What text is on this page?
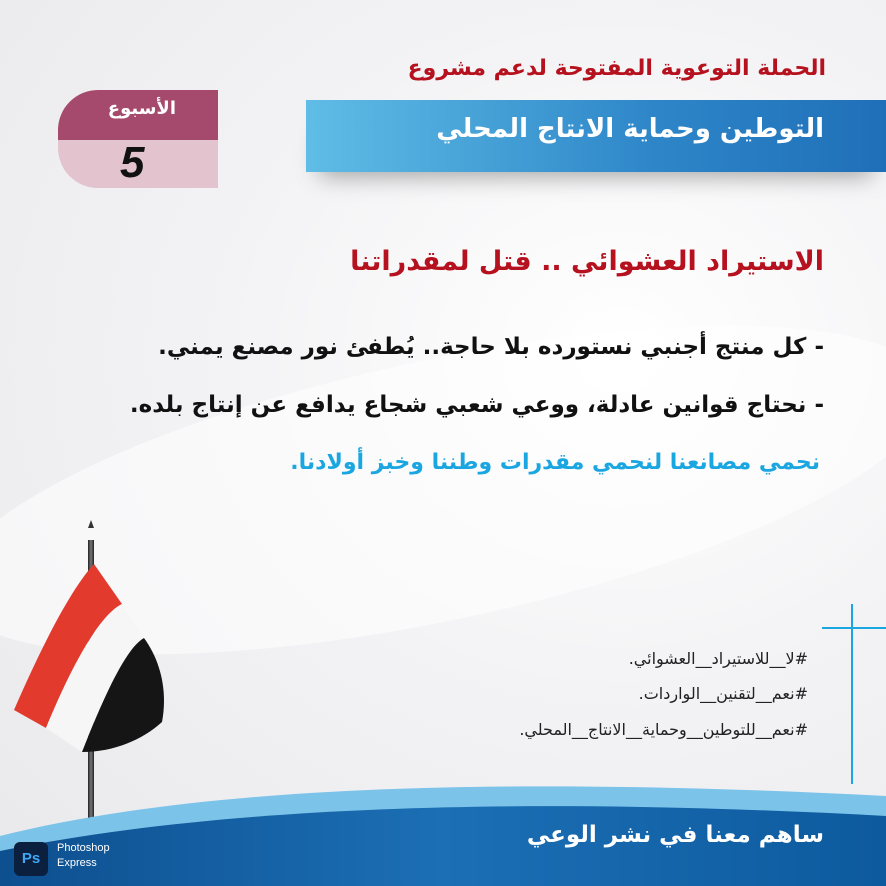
الحملة التوعوية المفتوحة لدعم مشروع
التوطين وحماية الانتاج المحلي
الأسبوع
5
الاستيراد العشوائي .. قتل لمقدراتنا
- كل منتج أجنبي نستورده بلا حاجة.. يُطفئ نور مصنع يمني.
- نحتاج قوانين عادلة، ووعي شعبي شجاع يدافع عن إنتاج بلده.
نحمي مصانعنا لنحمي مقدرات وطننا وخبز أولادنا.
#لا__للاستيراد__العشوائي.
#نعم__لتقنين__الواردات.
#نعم__للتوطين__وحماية__الانتاج__المحلي.
ساهم معنا في نشر الوعي
Ps
Photoshop
Express
